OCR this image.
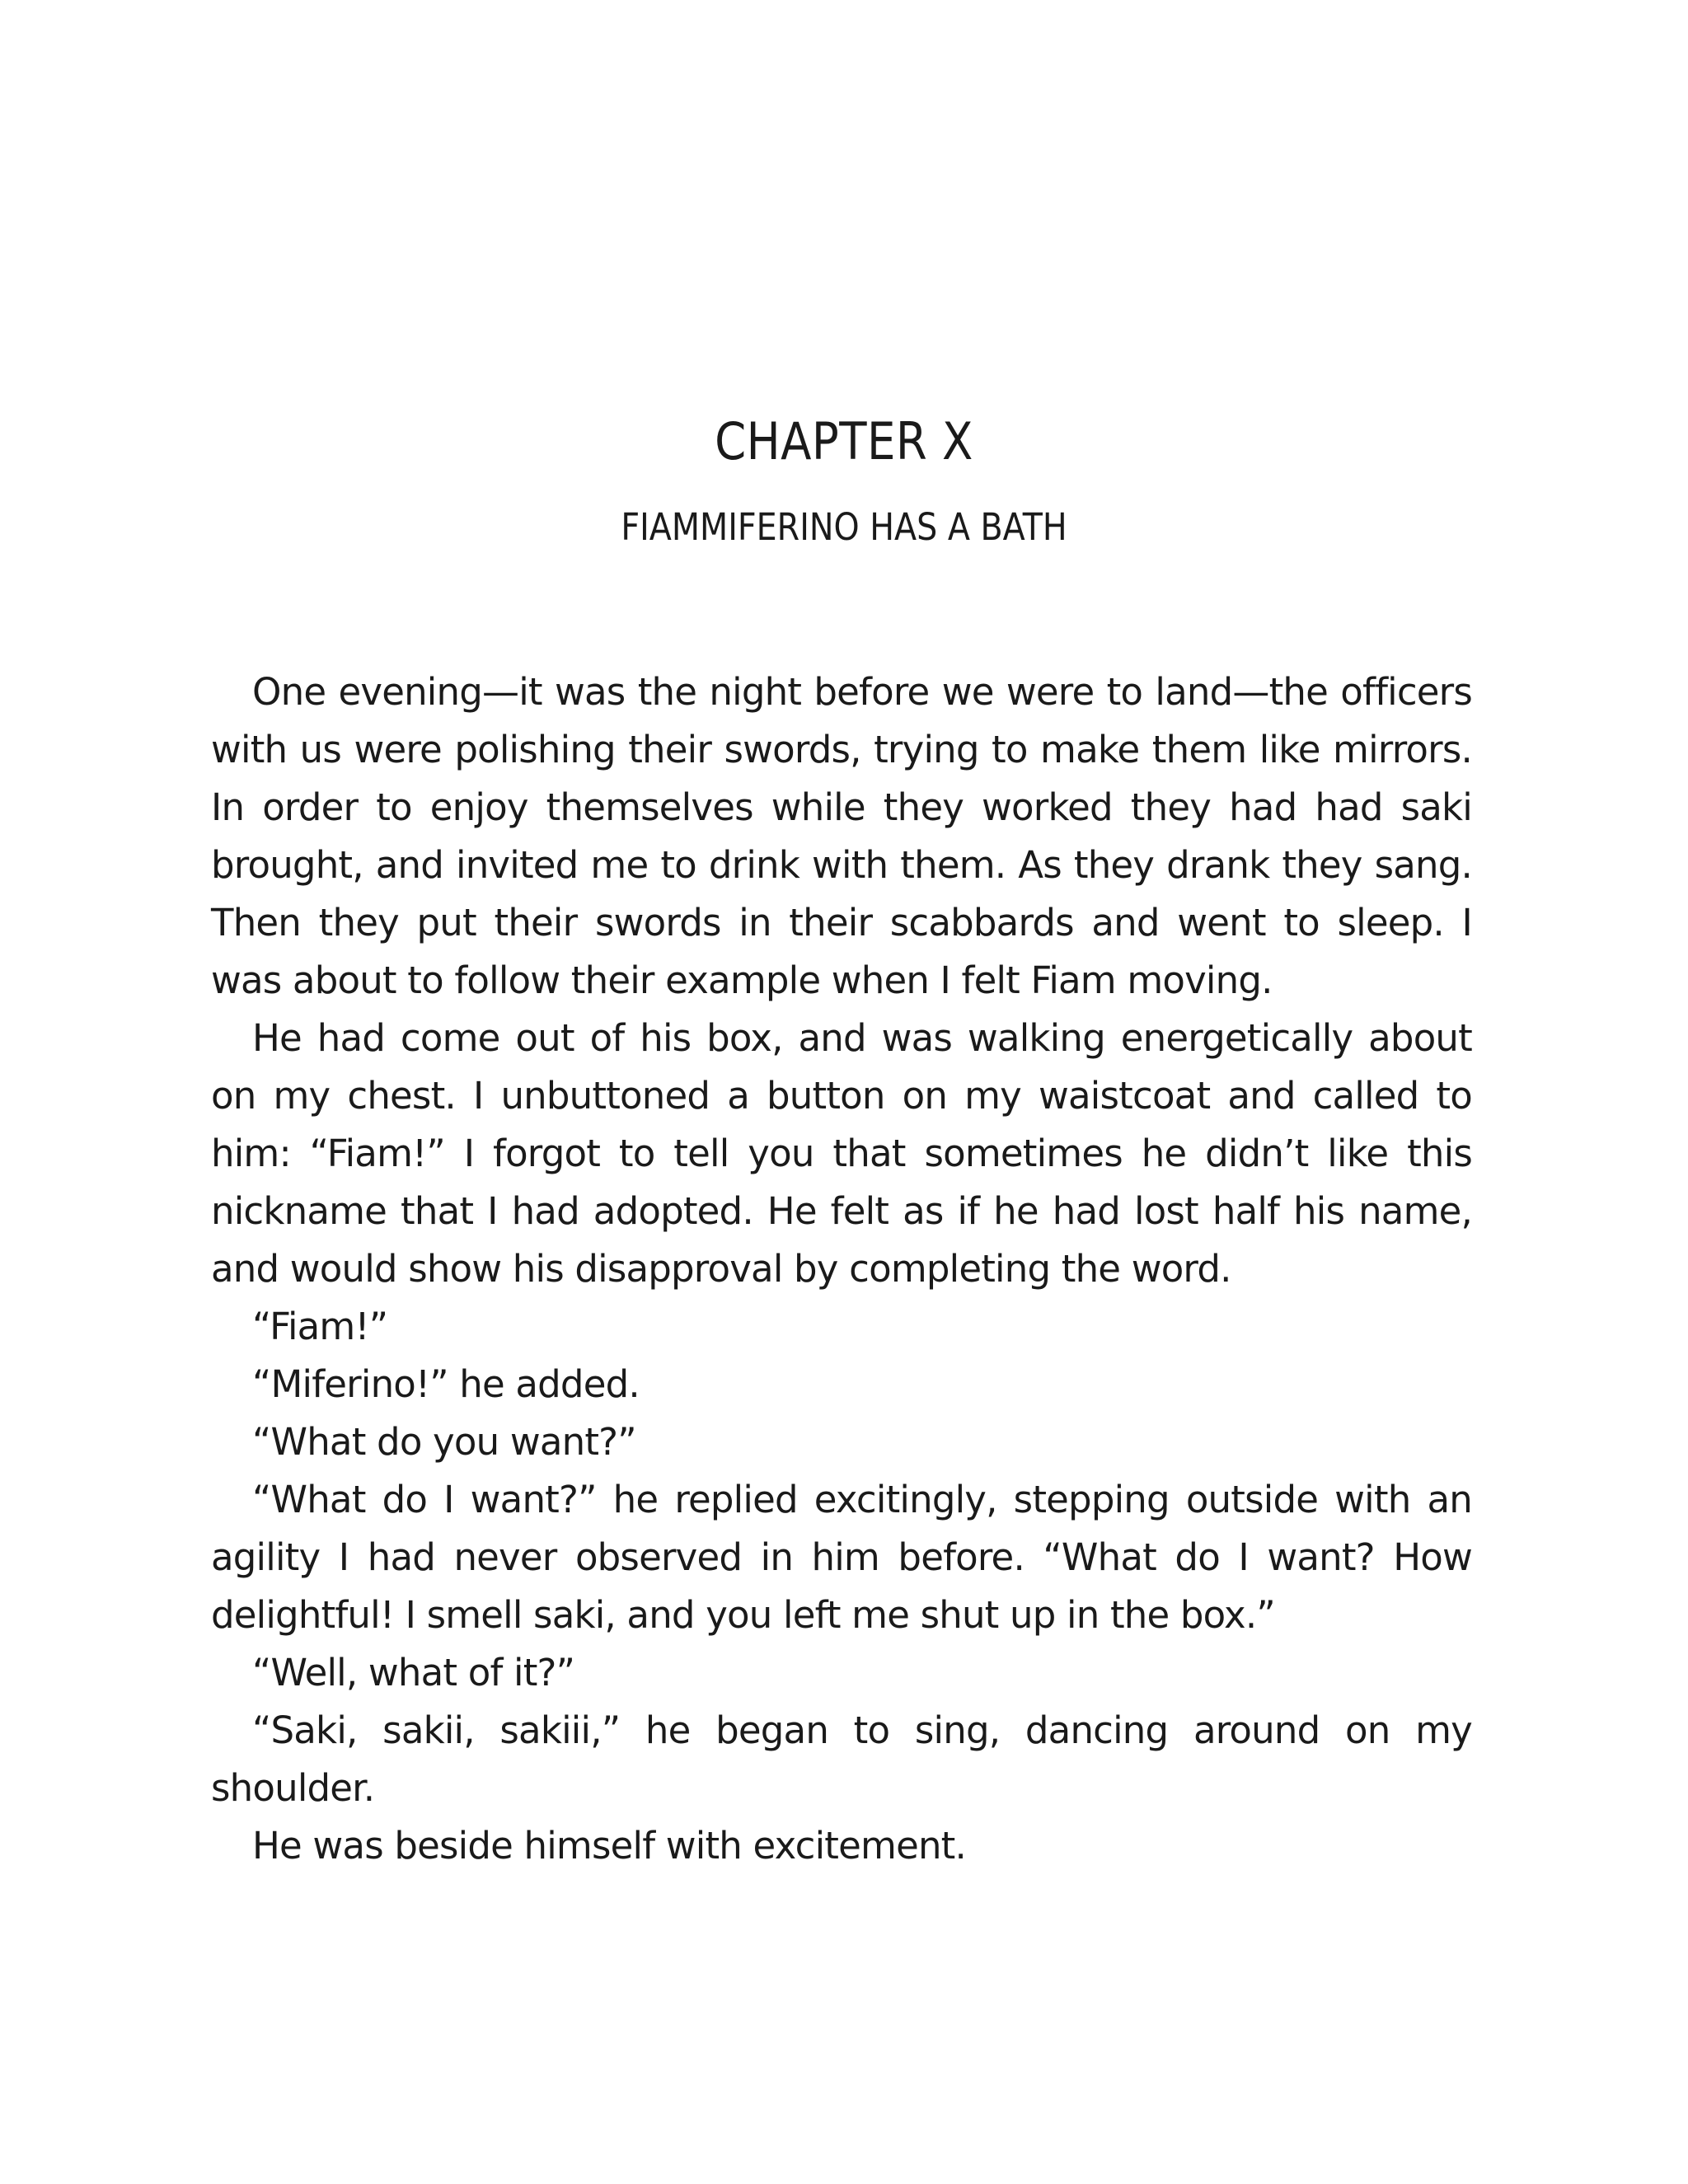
CHAPTER X
FIAMMIFERINO HAS A BATH

One evening—it was the night before we were to land—the officers with us were polishing their swords, trying to make them like mirrors. In order to enjoy themselves while they worked they had had saki brought, and invited me to drink with them. As they drank they sang. Then they put their swords in their scabbards and went to sleep. I was about to follow their example when I felt Fiam moving.

He had come out of his box, and was walking energetically about on my chest. I unbuttoned a button on my waistcoat and called to him: “Fiam!” I forgot to tell you that sometimes he didn’t like this nickname that I had adopted. He felt as if he had lost half his name, and would show his disapproval by completing the word.

“Fiam!”

“Miferino!” he added.

“What do you want?”

“What do I want?” he replied excitingly, stepping outside with an agility I had never observed in him before. “What do I want? How delightful! I smell saki, and you left me shut up in the box.”

“Well, what of it?”

“Saki, sakii, sakiii,” he began to sing, dancing around on my shoulder.

He was beside himself with excitement.
